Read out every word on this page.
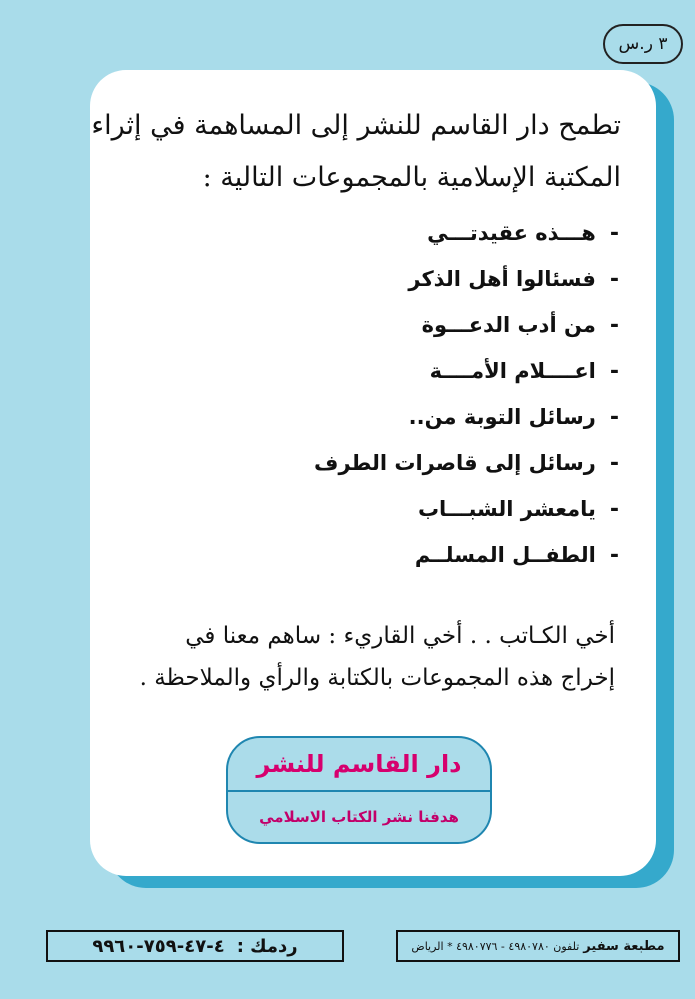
٣ ر.س
تطمح دار القاسم للنشر إلى المساهمة في إثراء
المكتبة الإسلامية بالمجموعات التالية :
-
هـــذه عقيدتـــي
-
فسئالوا أهل الذكر
-
من أدب الدعـــوة
-
اعــــلام الأمــــة
-
رسائل التوبة من..
-
رسائل إلى قاصرات الطرف
-
يامعشر الشبـــاب
-
الطفــل المسلــم
أخي الكـاتب . . أخي القاريء : ساهم معنا في
إخراج هذه المجموعات بالكتابة والرأي والملاحظة .
دار القاسم للنشر
هدفنا نشر الكتاب الاسلامي
ردمك :
٤-٤٧-٧٥٩-٩٩٦٠	مطبعة سفير
تلفون ٤٩٨٠٧٨٠ - ٤٩٨٠٧٧٦ * الرياض
